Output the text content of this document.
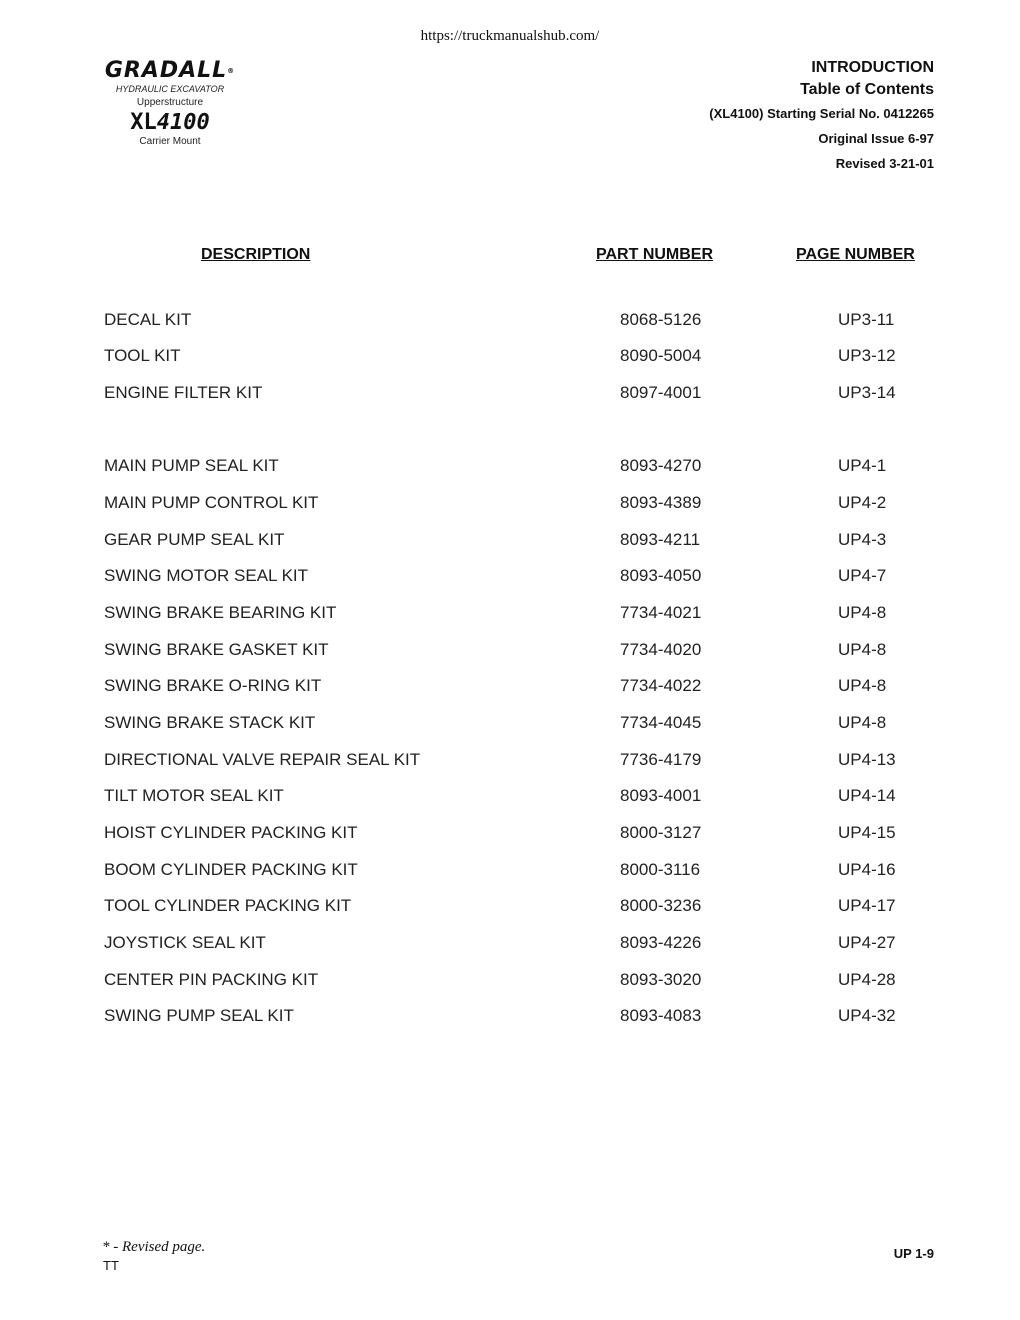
https://truckmanualshub.com/
GRADALL®
HYDRAULIC EXCAVATOR
Upperstructure
XL4100
Carrier Mount
INTRODUCTION
Table of Contents
(XL4100) Starting Serial No. 0412265
Original Issue 6-97
Revised 3-21-01
DESCRIPTION	PART NUMBER	PAGE NUMBER
DECAL KIT	8068-5126	UP3-11
TOOL KIT	8090-5004	UP3-12
ENGINE FILTER KIT	8097-4001	UP3-14
MAIN PUMP SEAL KIT	8093-4270	UP4-1
MAIN PUMP CONTROL KIT	8093-4389	UP4-2
GEAR PUMP SEAL KIT	8093-4211	UP4-3
SWING MOTOR SEAL KIT	8093-4050	UP4-7
SWING BRAKE BEARING KIT	7734-4021	UP4-8
SWING BRAKE GASKET KIT	7734-4020	UP4-8
SWING BRAKE O-RING KIT	7734-4022	UP4-8
SWING BRAKE STACK KIT	7734-4045	UP4-8
DIRECTIONAL VALVE REPAIR SEAL KIT	7736-4179	UP4-13
TILT MOTOR SEAL KIT	8093-4001	UP4-14
HOIST CYLINDER PACKING KIT	8000-3127	UP4-15
BOOM CYLINDER PACKING KIT	8000-3116	UP4-16
TOOL CYLINDER PACKING KIT	8000-3236	UP4-17
JOYSTICK SEAL KIT	8093-4226	UP4-27
CENTER PIN PACKING KIT	8093-3020	UP4-28
SWING PUMP SEAL KIT	8093-4083	UP4-32
* - Revised page.
TT
UP 1-9
